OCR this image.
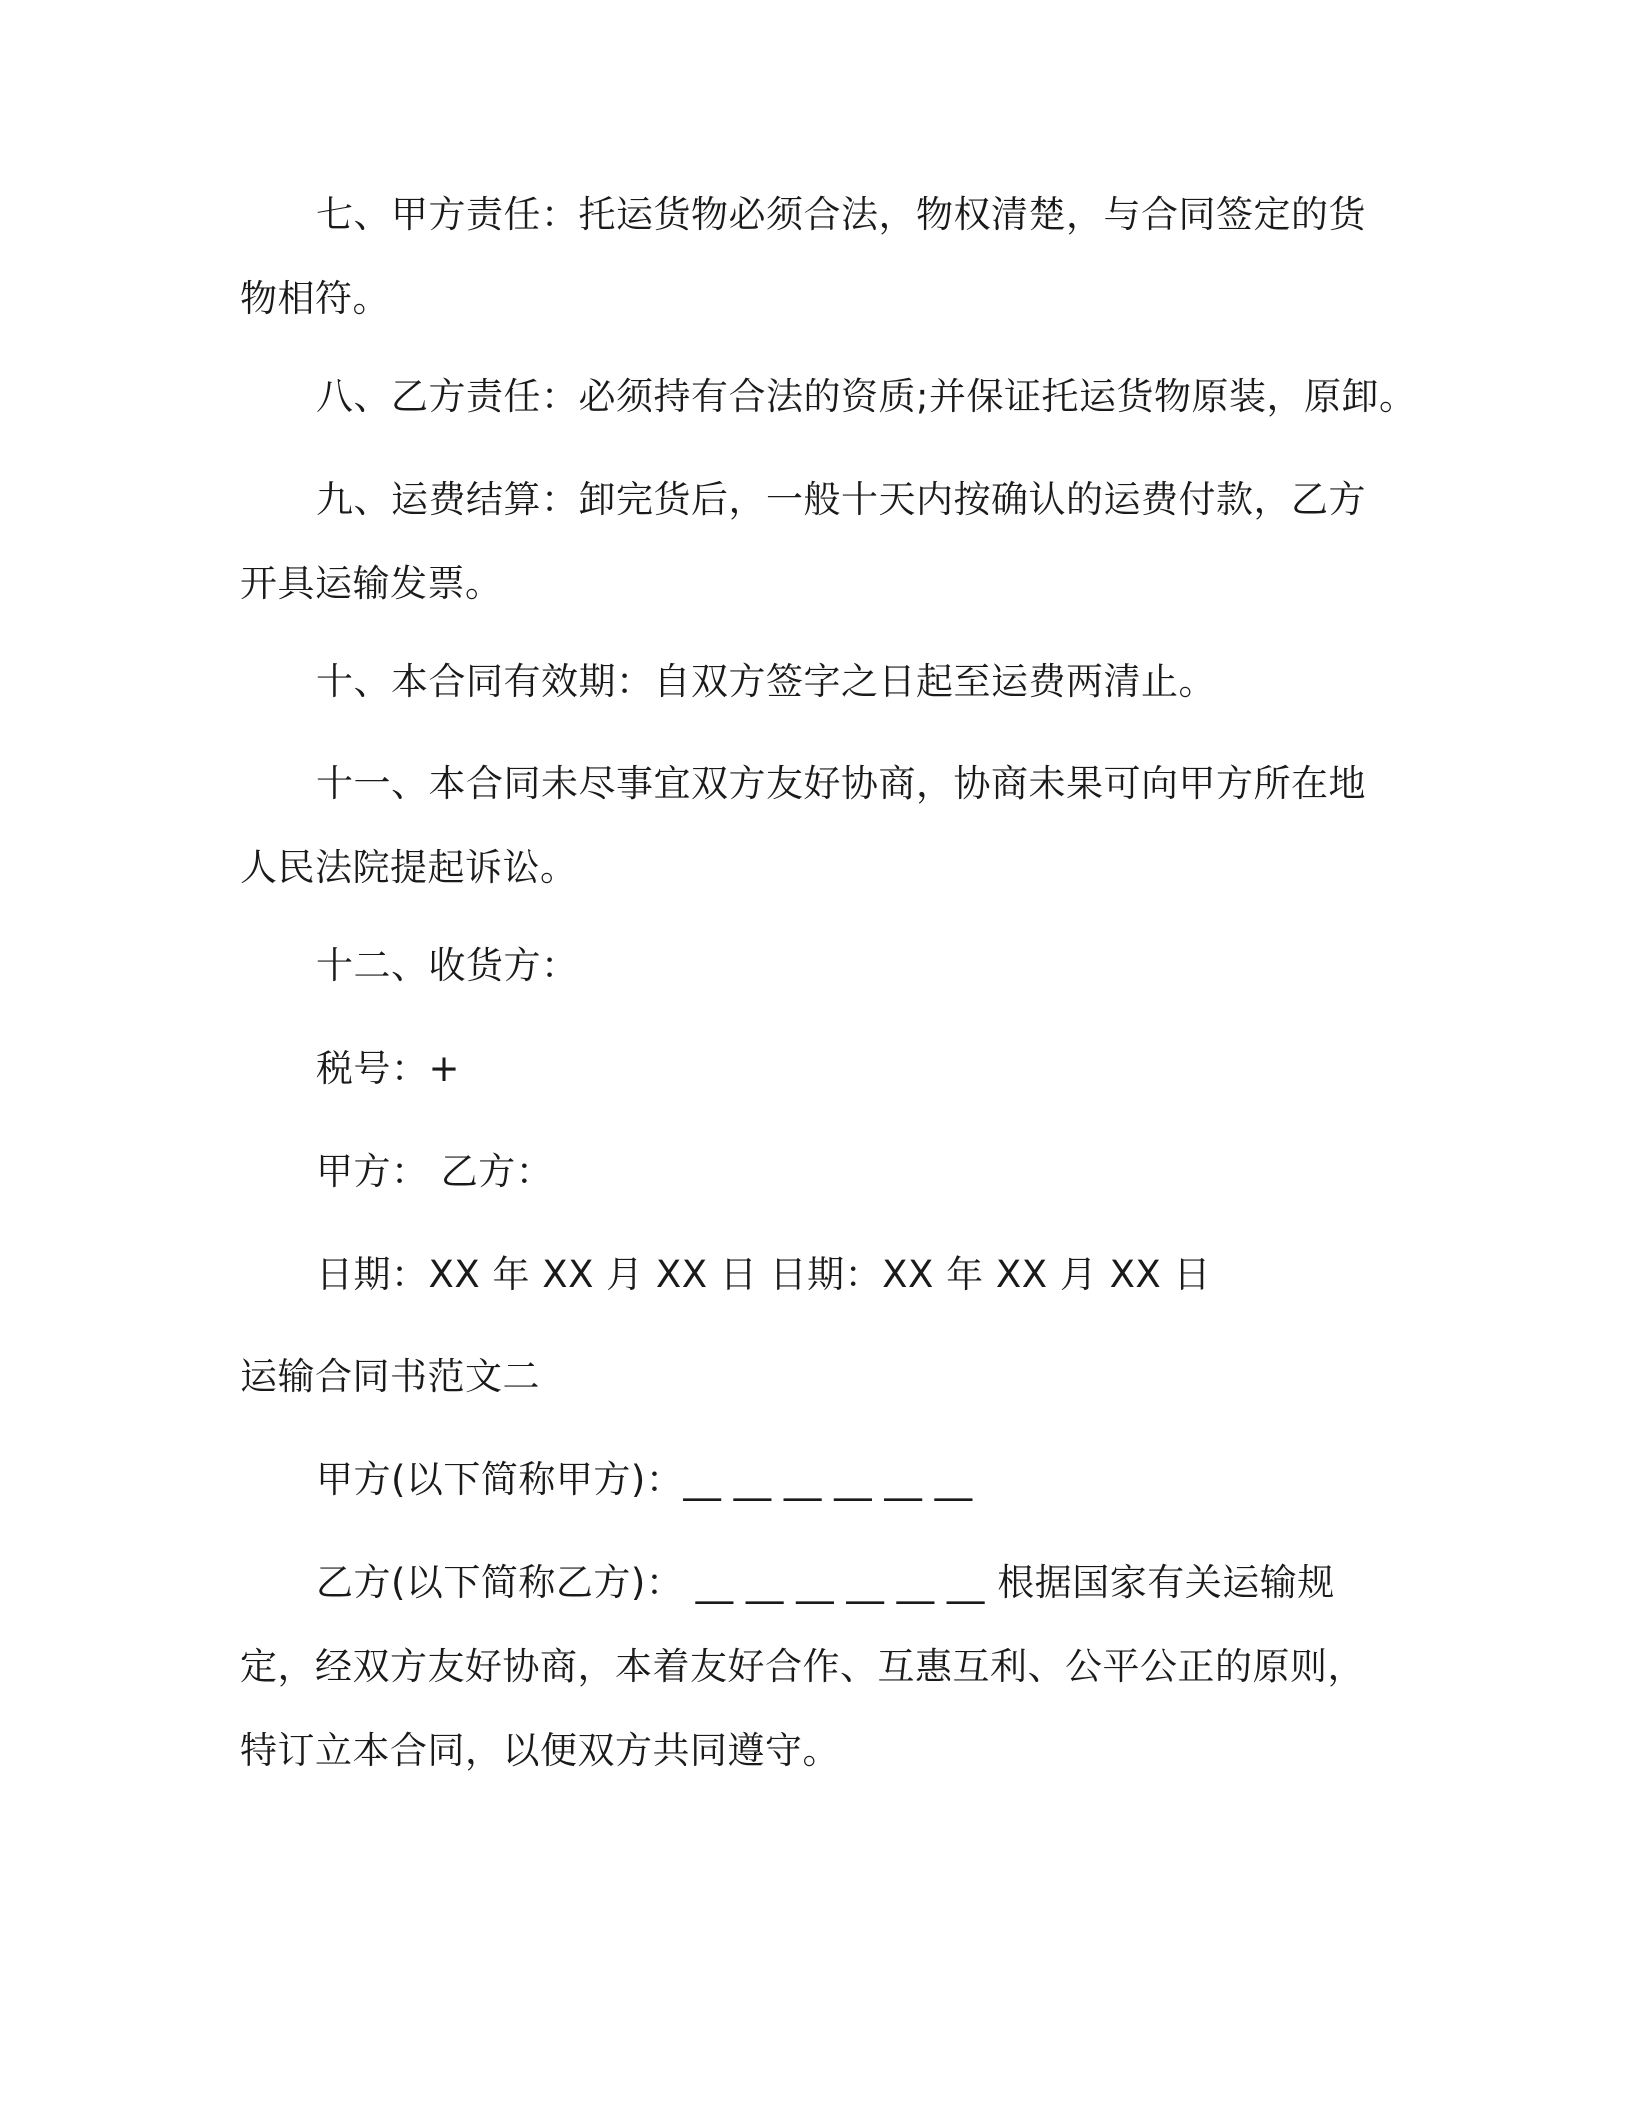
七、甲方责任：托运货物必须合法，物权清楚，与合同签定的货物相符。

八、乙方责任：必须持有合法的资质;并保证托运货物原装，原卸。

九、运费结算：卸完货后，一般十天内按确认的运费付款，乙方开具运输发票。

十、本合同有效期：自双方签字之日起至运费两清止。

十一、本合同未尽事宜双方友好协商，协商未果可向甲方所在地人民法院提起诉讼。

十二、收货方：

税号：+

甲方： 乙方：

日期：XX 年 XX 月 XX 日 日期：XX 年 XX 月 XX 日

运输合同书范文二

甲方(以下简称甲方)：__ __ __ __ __ __

乙方(以下简称乙方)： __ __ __ __ __ __ 根据国家有关运输规定，经双方友好协商，本着友好合作、互惠互利、公平公正的原则，特订立本合同，以便双方共同遵守。
